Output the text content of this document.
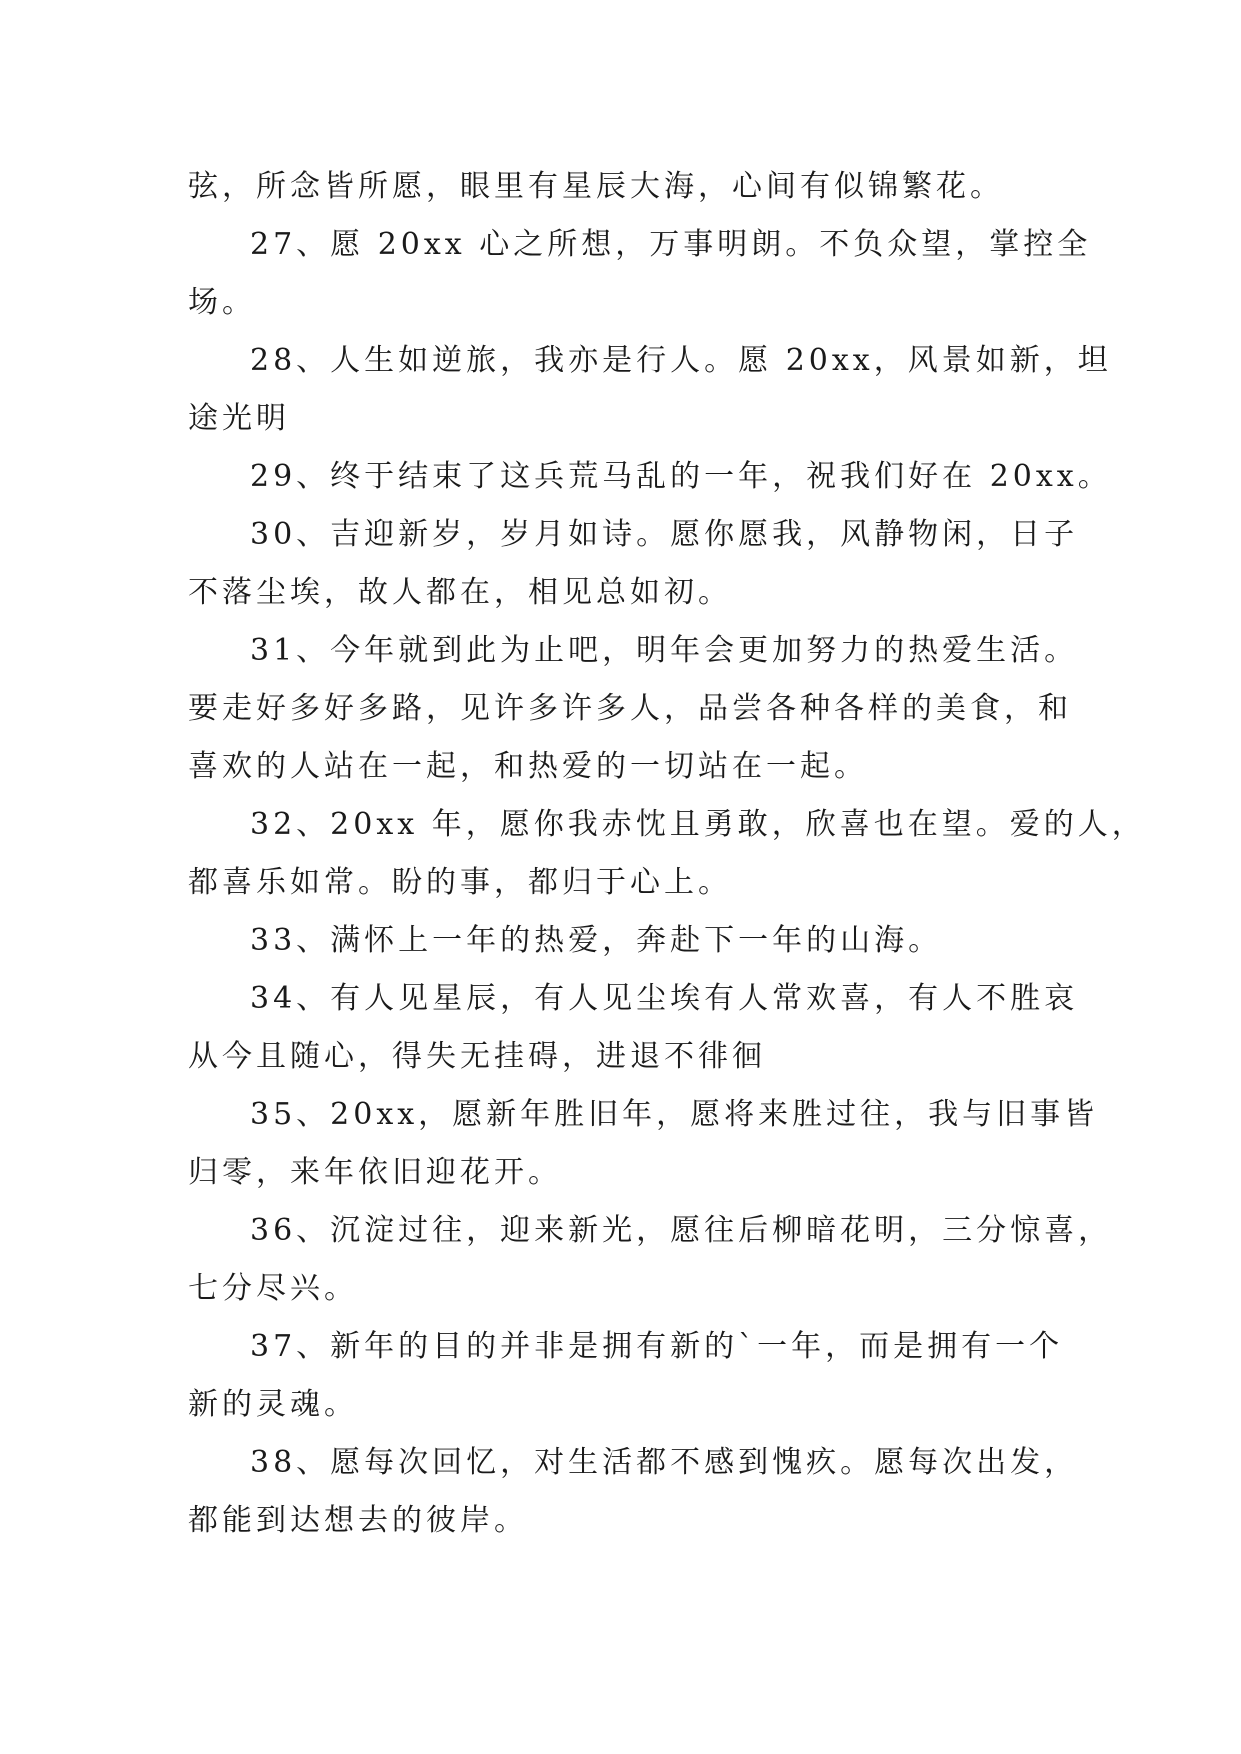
弦，所念皆所愿，眼里有星辰大海，心间有似锦繁花。
27、愿 20xx 心之所想，万事明朗。不负众望，掌控全
场。
28、人生如逆旅，我亦是行人。愿 20xx，风景如新，坦
途光明
29、终于结束了这兵荒马乱的一年，祝我们好在 20xx。
30、吉迎新岁，岁月如诗。愿你愿我，风静物闲，日子
不落尘埃，故人都在，相见总如初。
31、今年就到此为止吧，明年会更加努力的热爱生活。
要走好多好多路，见许多许多人，品尝各种各样的美食，和
喜欢的人站在一起，和热爱的一切站在一起。
32、20xx 年，愿你我赤忱且勇敢，欣喜也在望。爱的人，
都喜乐如常。盼的事，都归于心上。
33、满怀上一年的热爱，奔赴下一年的山海。
34、有人见星辰，有人见尘埃有人常欢喜，有人不胜哀
从今且随心，得失无挂碍，进退不徘徊
35、20xx，愿新年胜旧年，愿将来胜过往，我与旧事皆
归零，来年依旧迎花开。
36、沉淀过往，迎来新光，愿往后柳暗花明，三分惊喜，
七分尽兴。
37、新年的目的并非是拥有新的`一年，而是拥有一个
新的灵魂。
38、愿每次回忆，对生活都不感到愧疚。愿每次出发，
都能到达想去的彼岸。
